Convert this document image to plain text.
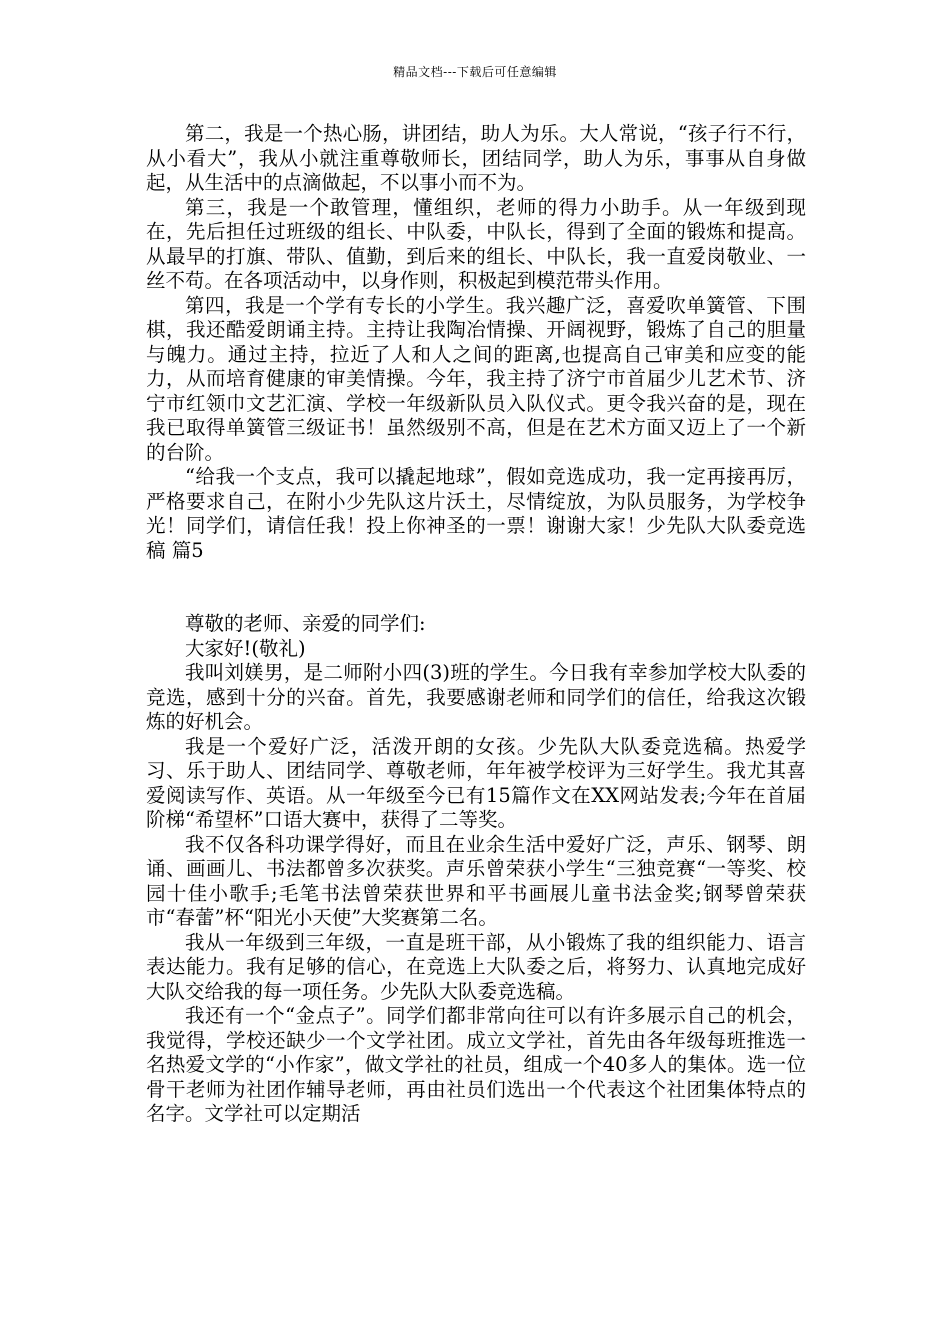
精品文档---下载后可任意编辑

第二，我是一个热心肠，讲团结，助人为乐。大人常说，“孩子行不行，从小看大”，我从小就注重尊敬师长，团结同学，助人为乐，事事从自身做起，从生活中的点滴做起，不以事小而不为。

第三，我是一个敢管理，懂组织，老师的得力小助手。从一年级到现在，先后担任过班级的组长、中队委，中队长，得到了全面的锻炼和提高。从最早的打旗、带队、值勤，到后来的组长、中队长，我一直爱岗敬业、一丝不苟。在各项活动中，以身作则，积极起到模范带头作用。

第四，我是一个学有专长的小学生。我兴趣广泛，喜爱吹单簧管、下围棋，我还酷爱朗诵主持。主持让我陶冶情操、开阔视野，锻炼了自己的胆量与魄力。通过主持，拉近了人和人之间的距离,也提高自己审美和应变的能力，从而培育健康的审美情操。今年，我主持了济宁市首届少儿艺术节、济宁市红领巾文艺汇演、学校一年级新队员入队仪式。更令我兴奋的是，现在我已取得单簧管三级证书！虽然级别不高，但是在艺术方面又迈上了一个新的台阶。

“给我一个支点，我可以撬起地球”，假如竞选成功，我一定再接再厉，严格要求自己，在附小少先队这片沃土，尽情绽放，为队员服务，为学校争光！同学们，请信任我！投上你神圣的一票！谢谢大家！少先队大队委竞选稿 篇5

尊敬的老师、亲爱的同学们:

大家好!(敬礼)

我叫刘媄男，是二师附小四(3)班的学生。今日我有幸参加学校大队委的竞选，感到十分的兴奋。首先，我要感谢老师和同学们的信任，给我这次锻炼的好机会。

我是一个爱好广泛，活泼开朗的女孩。少先队大队委竞选稿。热爱学习、乐于助人、团结同学、尊敬老师，年年被学校评为三好学生。我尤其喜爱阅读写作、英语。从一年级至今已有15篇作文在XX网站发表;今年在首届阶梯“希望杯”口语大赛中，获得了二等奖。

我不仅各科功课学得好，而且在业余生活中爱好广泛，声乐、钢琴、朗诵、画画儿、书法都曾多次获奖。声乐曾荣获小学生“三独竞赛“一等奖、校园十佳小歌手;毛笔书法曾荣获世界和平书画展儿童书法金奖;钢琴曾荣获市“春蕾”杯“阳光小天使”大奖赛第二名。

我从一年级到三年级，一直是班干部，从小锻炼了我的组织能力、语言表达能力。我有足够的信心，在竞选上大队委之后，将努力、认真地完成好大队交给我的每一项任务。少先队大队委竞选稿。

我还有一个“金点子”。同学们都非常向往可以有许多展示自己的机会，我觉得，学校还缺少一个文学社团。成立文学社，首先由各年级每班推选一名热爱文学的“小作家”，做文学社的社员，组成一个40多人的集体。选一位骨干老师为社团作辅导老师，再由社员们选出一个代表这个社团集体特点的名字。文学社可以定期活
